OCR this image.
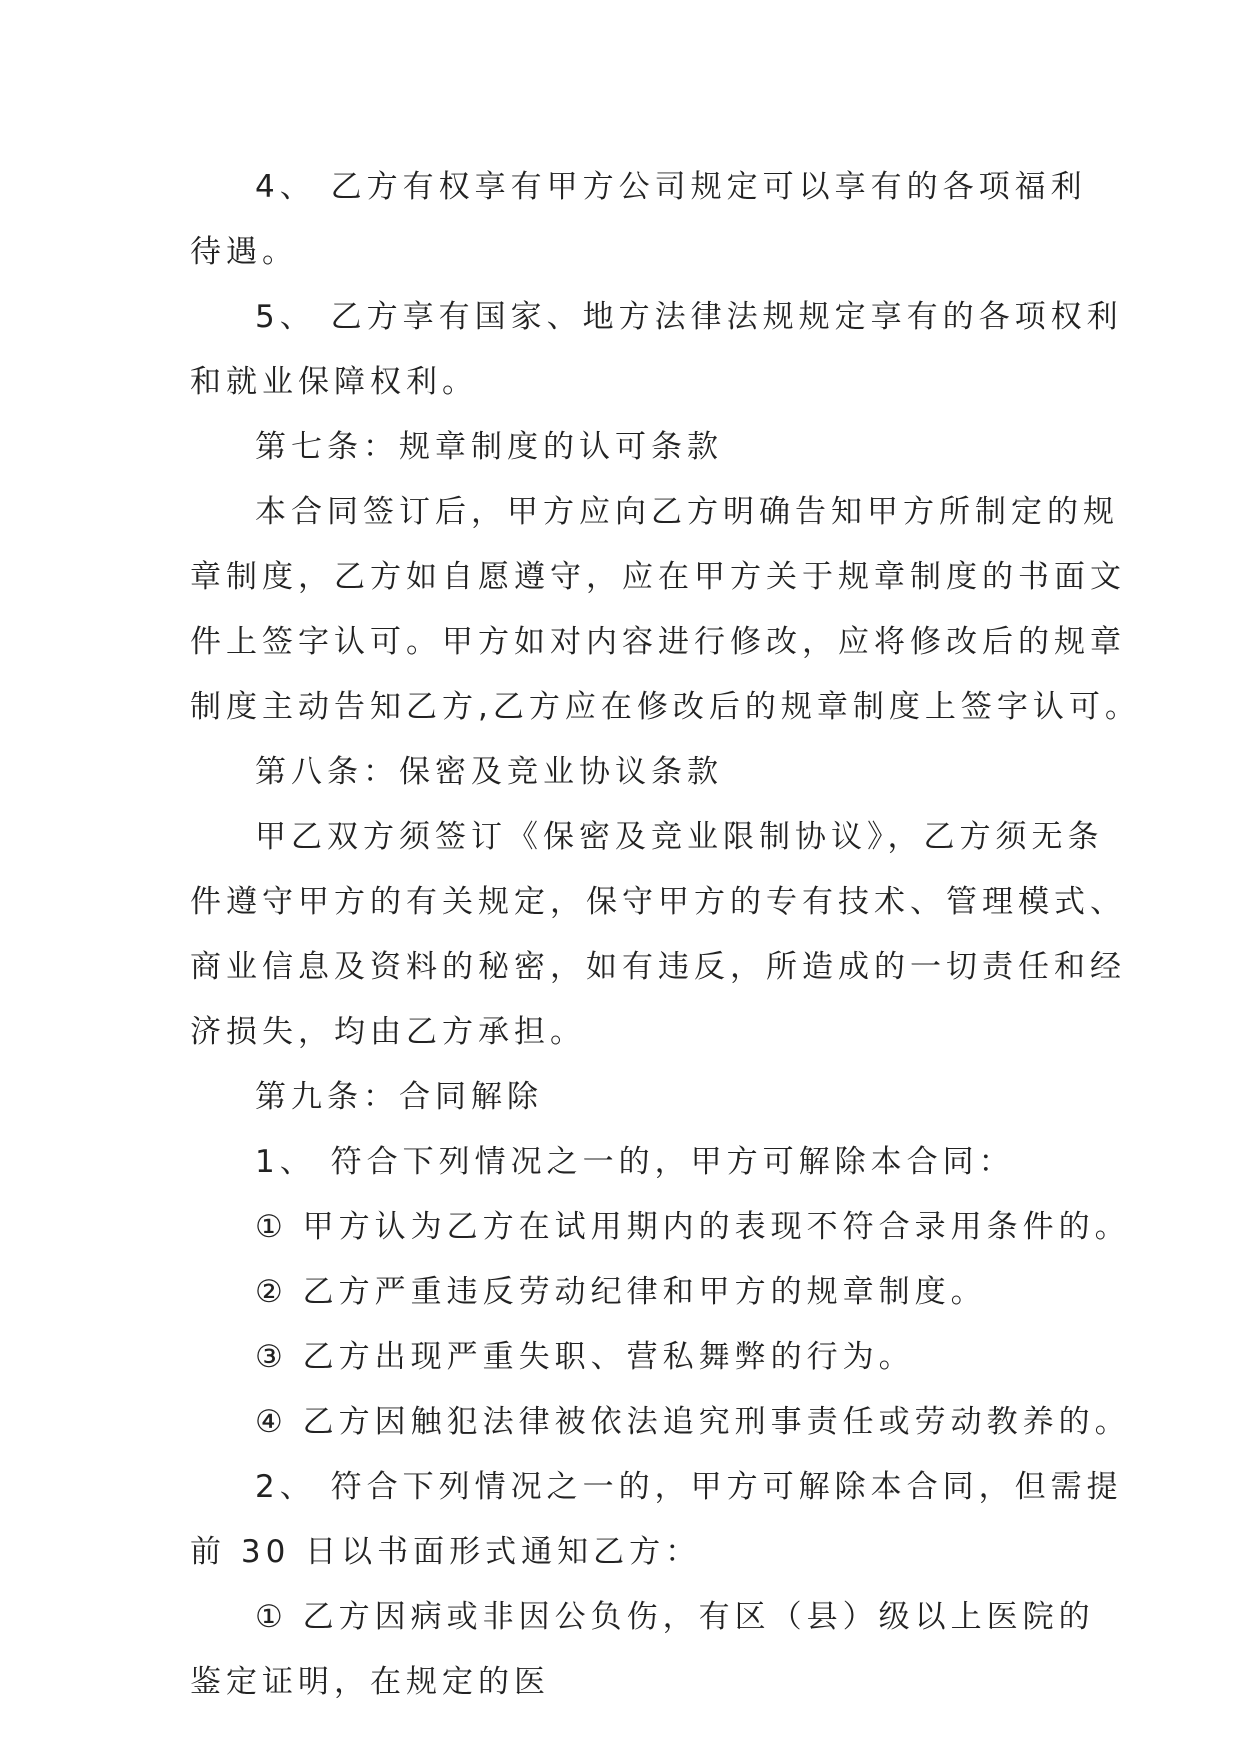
4、 乙方有权享有甲方公司规定可以享有的各项福利
待遇。
5、 乙方享有国家、地方法律法规规定享有的各项权利
和就业保障权利。
第七条：规章制度的认可条款
本合同签订后，甲方应向乙方明确告知甲方所制定的规
章制度，乙方如自愿遵守，应在甲方关于规章制度的书面文
件上签字认可。甲方如对内容进行修改，应将修改后的规章
制度主动告知乙方,乙方应在修改后的规章制度上签字认可。
第八条：保密及竞业协议条款
甲乙双方须签订《保密及竞业限制协议》，乙方须无条
件遵守甲方的有关规定，保守甲方的专有技术、管理模式、
商业信息及资料的秘密，如有违反，所造成的一切责任和经
济损失，均由乙方承担。
第九条：合同解除
1、 符合下列情况之一的，甲方可解除本合同：
① 甲方认为乙方在试用期内的表现不符合录用条件的。
② 乙方严重违反劳动纪律和甲方的规章制度。
③ 乙方出现严重失职、营私舞弊的行为。
④ 乙方因触犯法律被依法追究刑事责任或劳动教养的。
2、 符合下列情况之一的，甲方可解除本合同，但需提
前 30 日以书面形式通知乙方：
① 乙方因病或非因公负伤，有区（县）级以上医院的
鉴定证明，在规定的医
